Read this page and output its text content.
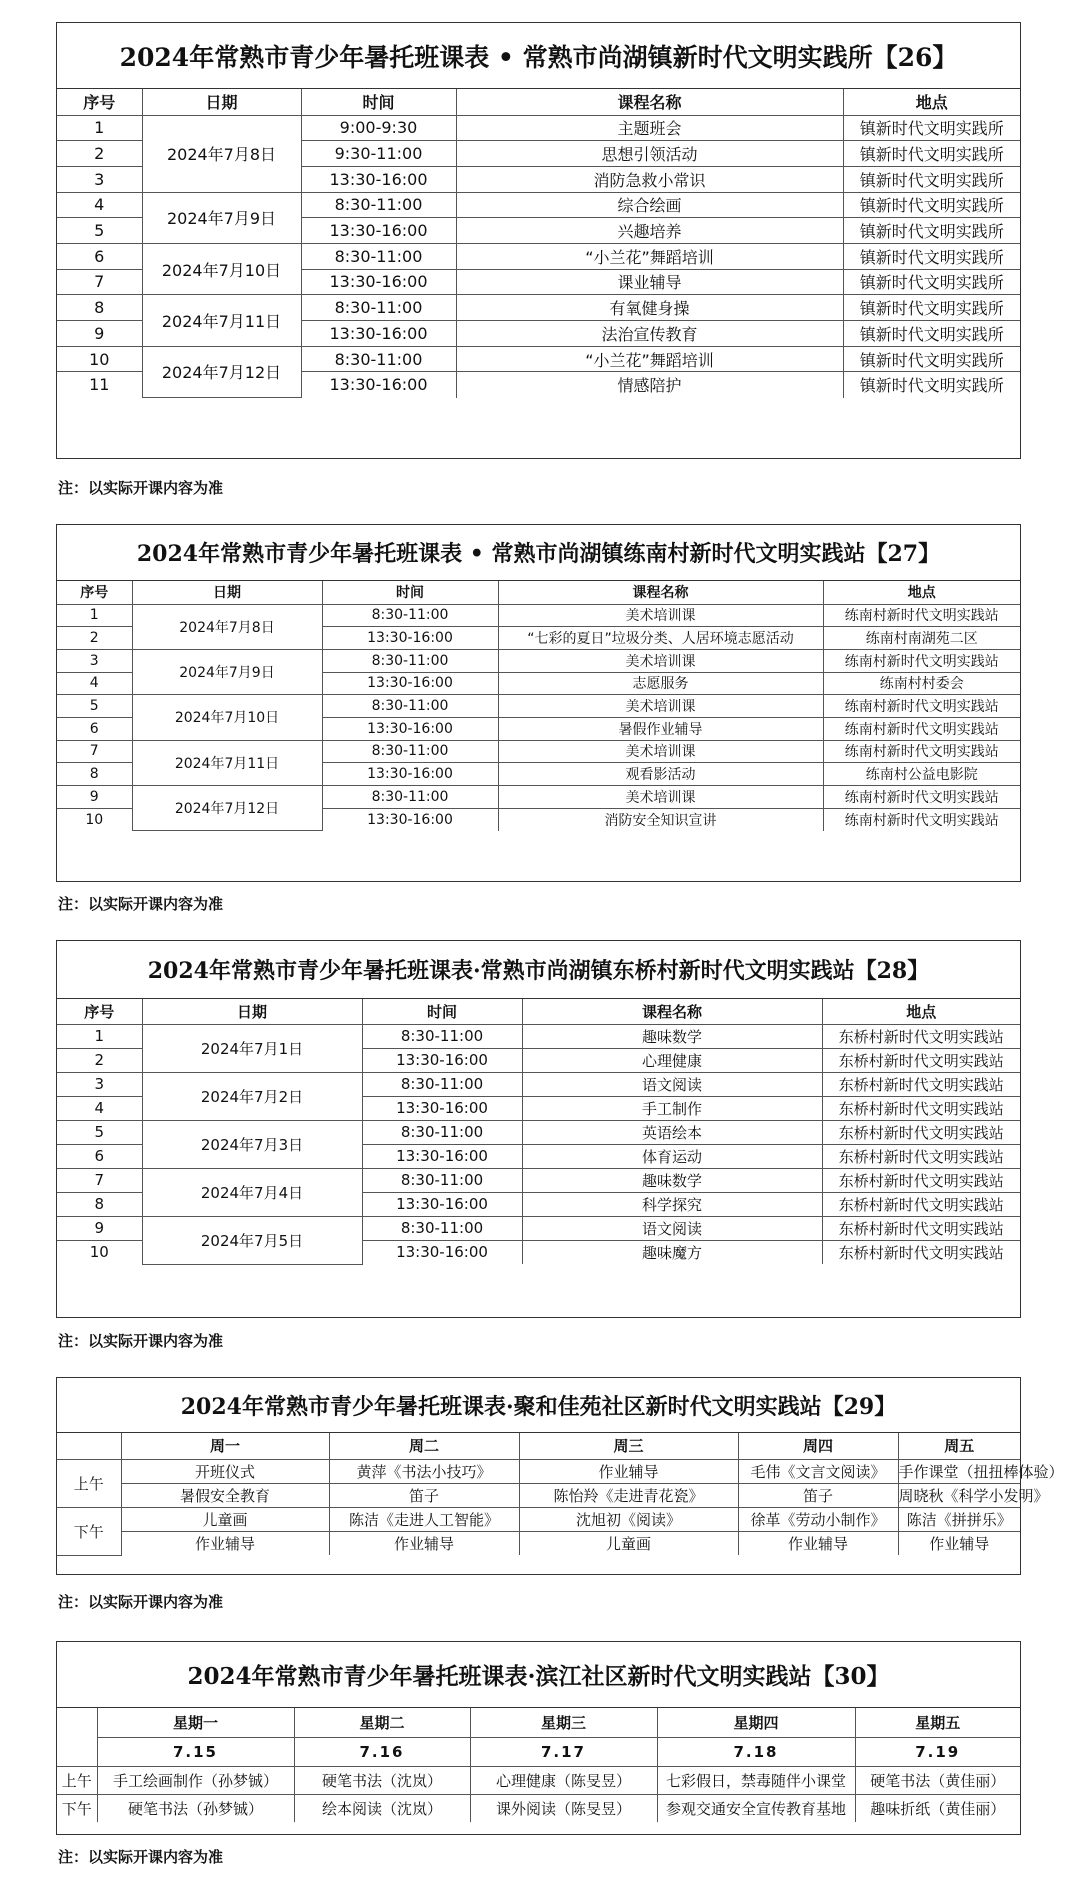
2024年常熟市青少年暑托班课表 • 常熟市尚湖镇新时代文明实践所【26】
序号	日期	时间	课程名称	地点
1	2024年7月8日	9:00-9:30	主题班会	镇新时代文明实践所
2		9:30-11:00	思想引领活动	镇新时代文明实践所
3		13:30-16:00	消防急救小常识	镇新时代文明实践所
4	2024年7月9日	8:30-11:00	综合绘画	镇新时代文明实践所
5		13:30-16:00	兴趣培养	镇新时代文明实践所
6	2024年7月10日	8:30-11:00	“小兰花”舞蹈培训	镇新时代文明实践所
7		13:30-16:00	课业辅导	镇新时代文明实践所
8	2024年7月11日	8:30-11:00	有氧健身操	镇新时代文明实践所
9		13:30-16:00	法治宣传教育	镇新时代文明实践所
10	2024年7月12日	8:30-11:00	“小兰花”舞蹈培训	镇新时代文明实践所
11		13:30-16:00	情感陪护	镇新时代文明实践所
注：以实际开课内容为准
2024年常熟市青少年暑托班课表 • 常熟市尚湖镇练南村新时代文明实践站【27】
序号	日期	时间	课程名称	地点
1	2024年7月8日	8:30-11:00	美术培训课	练南村新时代文明实践站
2		13:30-16:00	“七彩的夏日”垃圾分类、人居环境志愿活动	练南村南湖苑二区
3	2024年7月9日	8:30-11:00	美术培训课	练南村新时代文明实践站
4		13:30-16:00	志愿服务	练南村村委会
5	2024年7月10日	8:30-11:00	美术培训课	练南村新时代文明实践站
6		13:30-16:00	暑假作业辅导	练南村新时代文明实践站
7	2024年7月11日	8:30-11:00	美术培训课	练南村新时代文明实践站
8		13:30-16:00	观看影活动	练南村公益电影院
9	2024年7月12日	8:30-11:00	美术培训课	练南村新时代文明实践站
10		13:30-16:00	消防安全知识宣讲	练南村新时代文明实践站
注：以实际开课内容为准
2024年常熟市青少年暑托班课表·常熟市尚湖镇东桥村新时代文明实践站【28】
序号	日期	时间	课程名称	地点
1	2024年7月1日	8:30-11:00	趣味数学	东桥村新时代文明实践站
2		13:30-16:00	心理健康	东桥村新时代文明实践站
3	2024年7月2日	8:30-11:00	语文阅读	东桥村新时代文明实践站
4		13:30-16:00	手工制作	东桥村新时代文明实践站
5	2024年7月3日	8:30-11:00	英语绘本	东桥村新时代文明实践站
6		13:30-16:00	体育运动	东桥村新时代文明实践站
7	2024年7月4日	8:30-11:00	趣味数学	东桥村新时代文明实践站
8		13:30-16:00	科学探究	东桥村新时代文明实践站
9	2024年7月5日	8:30-11:00	语文阅读	东桥村新时代文明实践站
10		13:30-16:00	趣味魔方	东桥村新时代文明实践站
注：以实际开课内容为准
2024年常熟市青少年暑托班课表·聚和佳苑社区新时代文明实践站【29】
	周一	周二	周三	周四	周五
上午	开班仪式	黄萍《书法小技巧》	作业辅导	毛伟《文言文阅读》	手作课堂（扭扭棒体验）
	暑假安全教育	笛子	陈怡羚《走进青花瓷》	笛子	周晓秋《科学小发明》
下午	儿童画	陈洁《走进人工智能》	沈旭初《阅读》	徐革《劳动小制作》	陈洁《拼拼乐》
	作业辅导	作业辅导	儿童画	作业辅导	作业辅导
注：以实际开课内容为准
2024年常熟市青少年暑托班课表·滨江社区新时代文明实践站【30】
	星期一	星期二	星期三	星期四	星期五
	7.15	7.16	7.17	7.18	7.19
上午	手工绘画制作（孙梦铖）	硬笔书法（沈岚）	心理健康（陈旻昱）	七彩假日，禁毒随伴小课堂	硬笔书法（黄佳丽）
下午	硬笔书法（孙梦铖）	绘本阅读（沈岚）	课外阅读（陈旻昱）	参观交通安全宣传教育基地	趣味折纸（黄佳丽）
注：以实际开课内容为准
